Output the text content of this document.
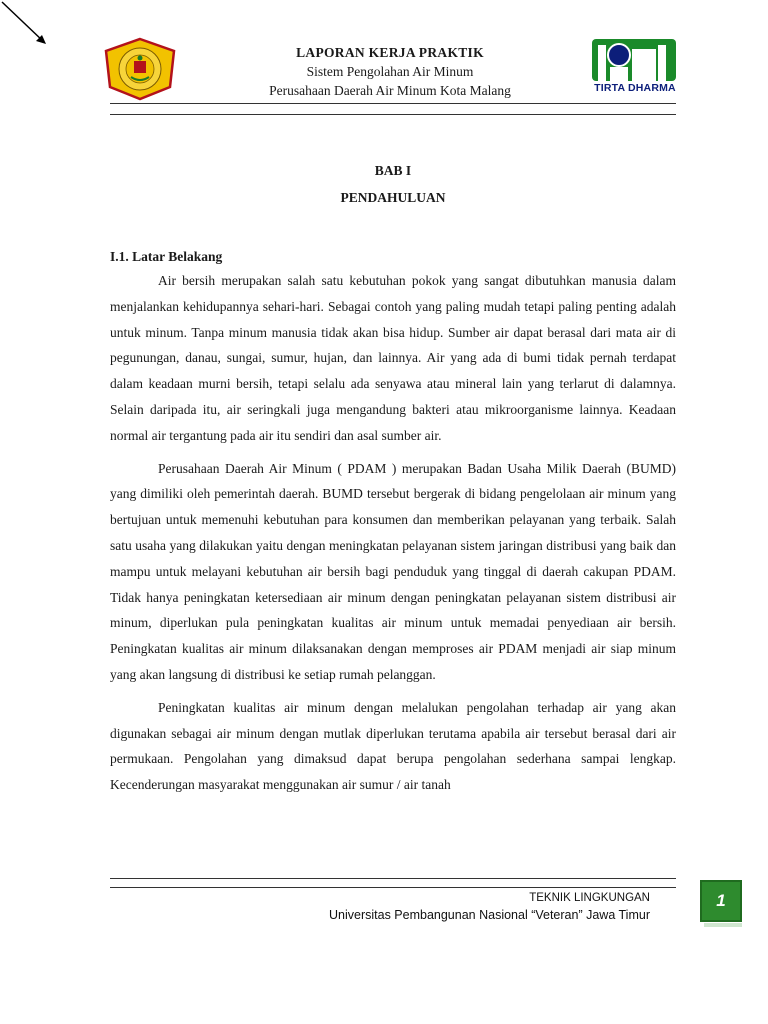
TIRTA DHARMA
LAPORAN KERJA PRAKTIK
Sistem Pengolahan Air Minum
Perusahaan Daerah Air Minum Kota Malang
BAB I
PENDAHULUAN
I.1. Latar Belakang

Air bersih merupakan salah satu kebutuhan pokok yang sangat dibutuhkan manusia dalam menjalankan kehidupannya sehari-hari. Sebagai contoh yang paling mudah tetapi paling penting adalah untuk minum. Tanpa minum manusia tidak akan bisa hidup. Sumber air dapat berasal dari mata air di pegunungan, danau, sungai, sumur, hujan, dan lainnya. Air yang ada di bumi tidak pernah terdapat dalam keadaan murni bersih, tetapi selalu ada senyawa atau mineral lain yang terlarut di dalamnya. Selain daripada itu, air seringkali juga mengandung bakteri atau mikroorganisme lainnya. Keadaan normal air tergantung pada air itu sendiri dan asal sumber air.

Perusahaan Daerah Air Minum ( PDAM ) merupakan Badan Usaha Milik Daerah (BUMD) yang dimiliki oleh pemerintah daerah. BUMD tersebut bergerak di bidang pengelolaan air minum yang bertujuan untuk memenuhi kebutuhan para konsumen dan memberikan pelayanan yang terbaik. Salah satu usaha yang dilakukan yaitu dengan meningkatan pelayanan sistem jaringan distribusi yang baik dan mampu untuk melayani kebutuhan air bersih bagi penduduk yang tinggal di daerah cakupan PDAM. Tidak hanya peningkatan ketersediaan air minum dengan peningkatan pelayanan sistem distribusi air minum, diperlukan pula peningkatan kualitas air minum untuk memadai penyediaan air bersih. Peningkatan kualitas air minum dilaksanakan dengan memproses air PDAM menjadi air siap minum yang akan langsung di distribusi ke setiap rumah pelanggan.

Peningkatan kualitas air minum dengan melalukan pengolahan terhadap air yang akan digunakan sebagai air minum dengan mutlak diperlukan terutama apabila air tersebut berasal dari air permukaan. Pengolahan yang dimaksud dapat berupa pengolahan sederhana sampai lengkap. Kecenderungan masyarakat menggunakan air sumur / air tanah

TEKNIK LINGKUNGAN
Universitas Pembangunan Nasional “Veteran” Jawa Timur
1
